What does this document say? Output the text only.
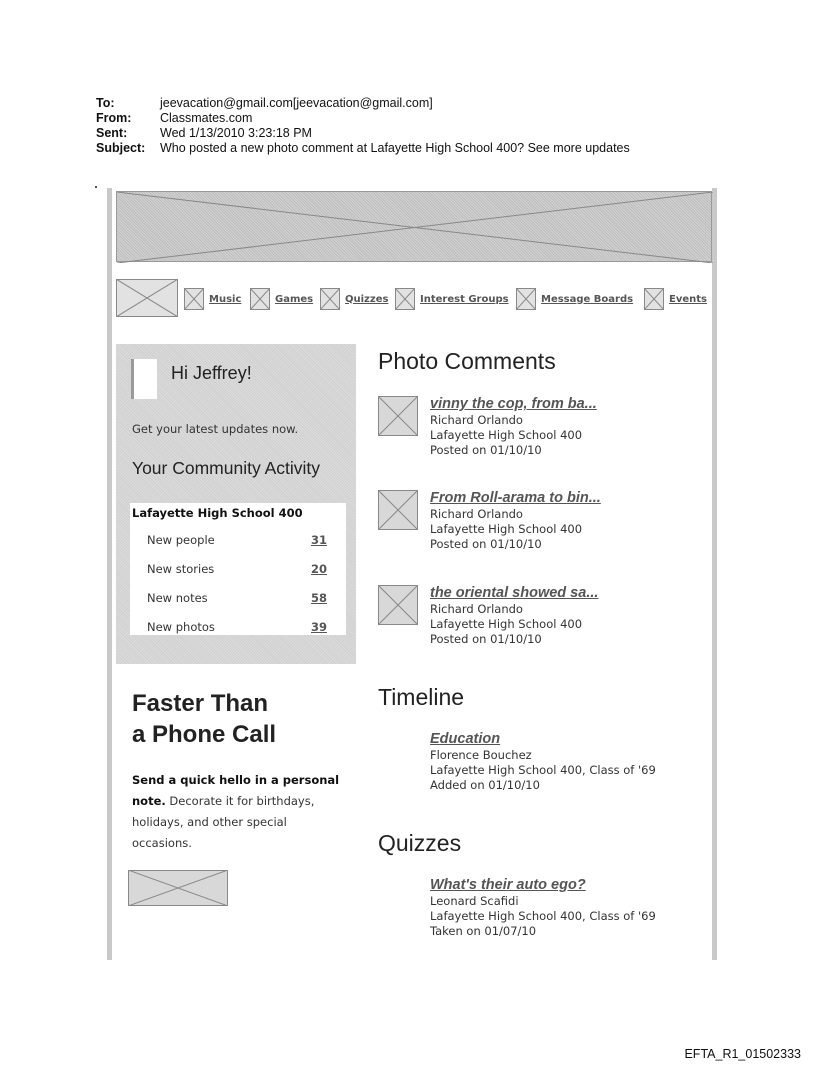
To:	jeevacation@gmail.com[jeevacation@gmail.com]
From:	Classmates.com
Sent:	Wed 1/13/2010 3:23:18 PM
Subject:	Who posted a new photo comment at Lafayette High School 400? See more updates
Music	Games	Quizzes	Interest Groups	Message Boards	Events
Hi Jeffrey!
Get your latest updates now.
Your Community Activity
Lafayette High School 400
New people	31
New stories	20
New notes	58
New photos	39
Faster Than
a Phone Call
Send a quick hello in a personal note. Decorate it for birthdays, holidays, and other special occasions.
Photo Comments
vinny the cop, from ba...
Richard Orlando
Lafayette High School 400
Posted on 01/10/10
From Roll-arama to bin...
Richard Orlando
Lafayette High School 400
Posted on 01/10/10
the oriental showed sa...
Richard Orlando
Lafayette High School 400
Posted on 01/10/10
Timeline
Education
Florence Bouchez
Lafayette High School 400, Class of '69
Added on 01/10/10
Quizzes
What's their auto ego?
Leonard Scafidi
Lafayette High School 400, Class of '69
Taken on 01/07/10
EFTA_R1_01502333
